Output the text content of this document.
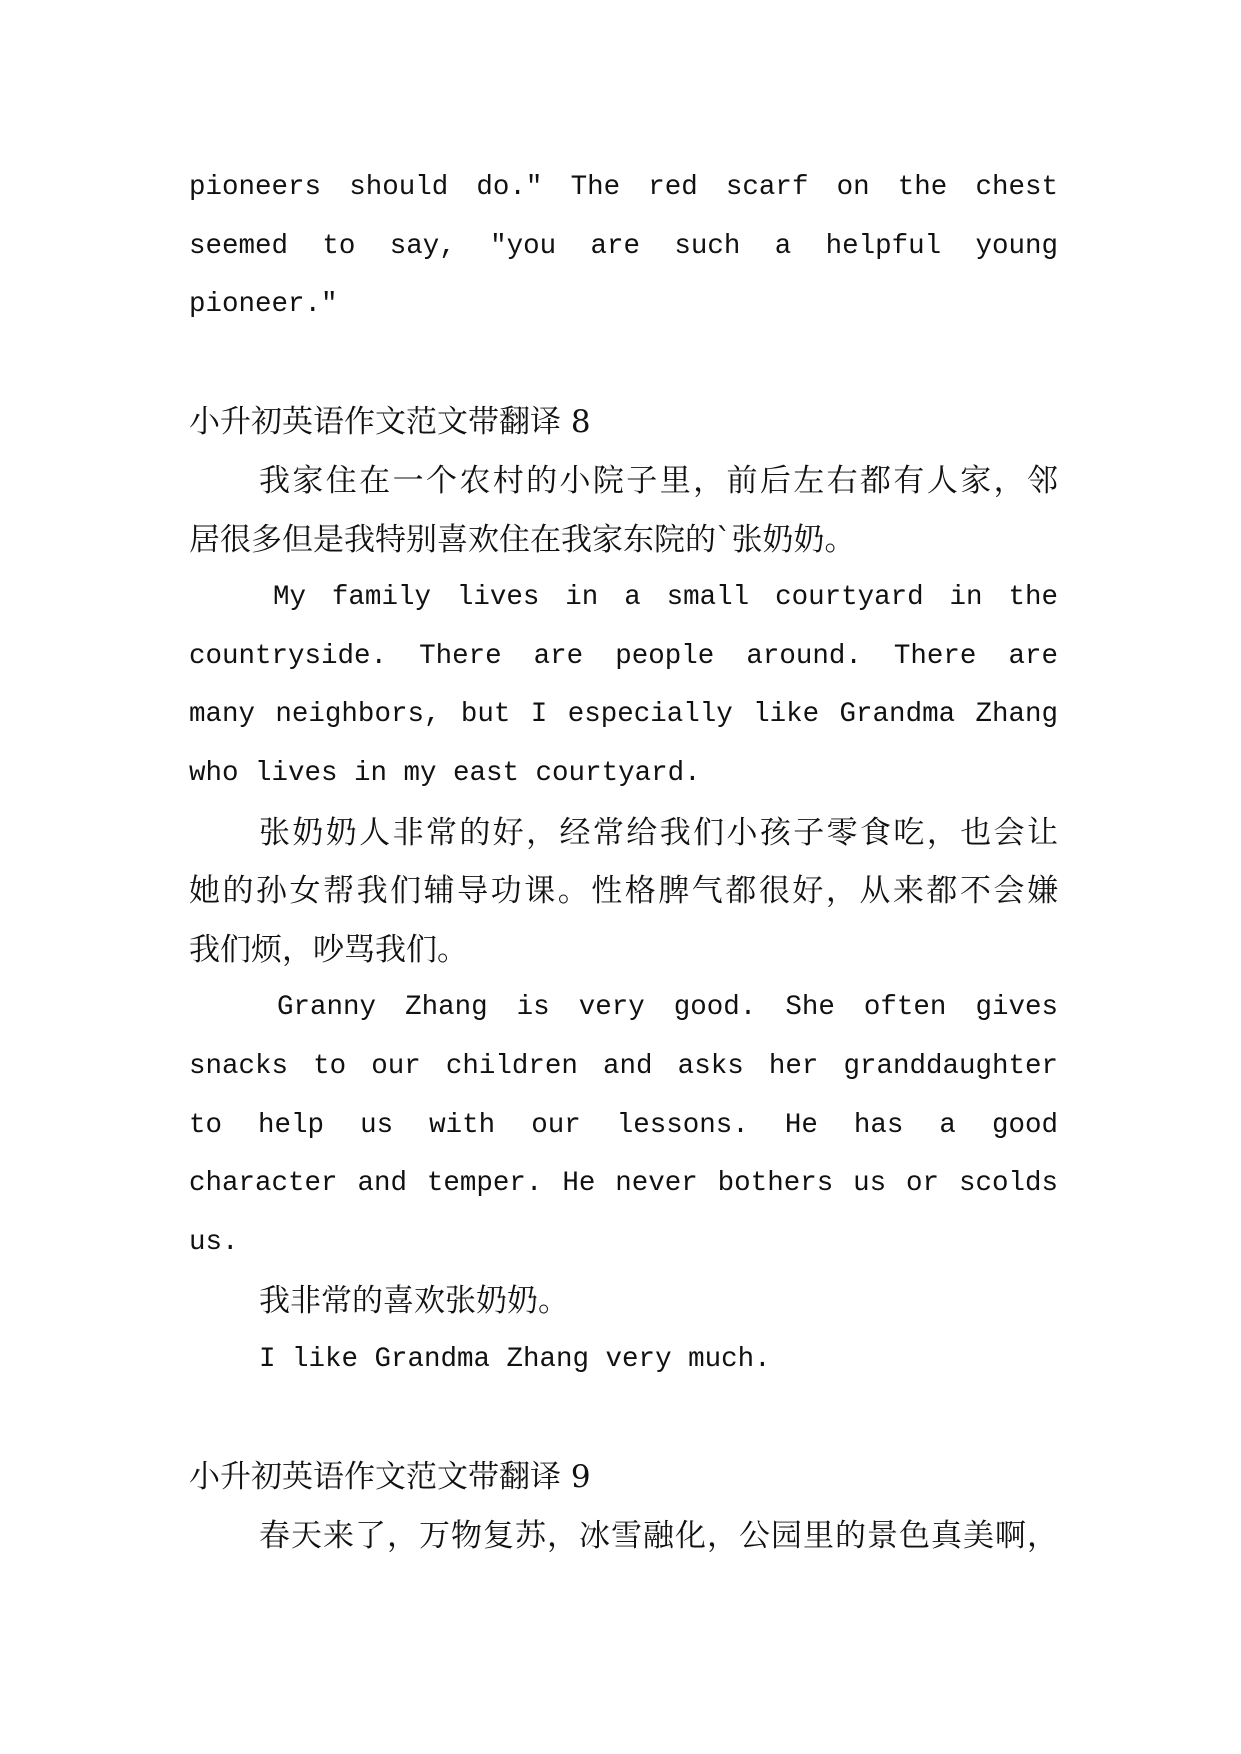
pioneers should do." The red scarf on the chest
seemed to say, "you are such a helpful young
pioneer."
小升初英语作文范文带翻译 8
我家住在一个农村的小院子里，前后左右都有人家，邻
居很多但是我特别喜欢住在我家东院的`张奶奶。
My family lives in a small courtyard in the
countryside. There are people around. There are
many neighbors, but I especially like Grandma Zhang
who lives in my east courtyard.
张奶奶人非常的好，经常给我们小孩子零食吃，也会让
她的孙女帮我们辅导功课。性格脾气都很好，从来都不会嫌
我们烦，吵骂我们。
Granny Zhang is very good. She often gives
snacks to our children and asks her granddaughter
to help us with our lessons. He has a good
character and temper. He never bothers us or scolds
us.
我非常的喜欢张奶奶。
I like Grandma Zhang very much.
小升初英语作文范文带翻译 9
春天来了，万物复苏，冰雪融化，公园里的景色真美啊，
